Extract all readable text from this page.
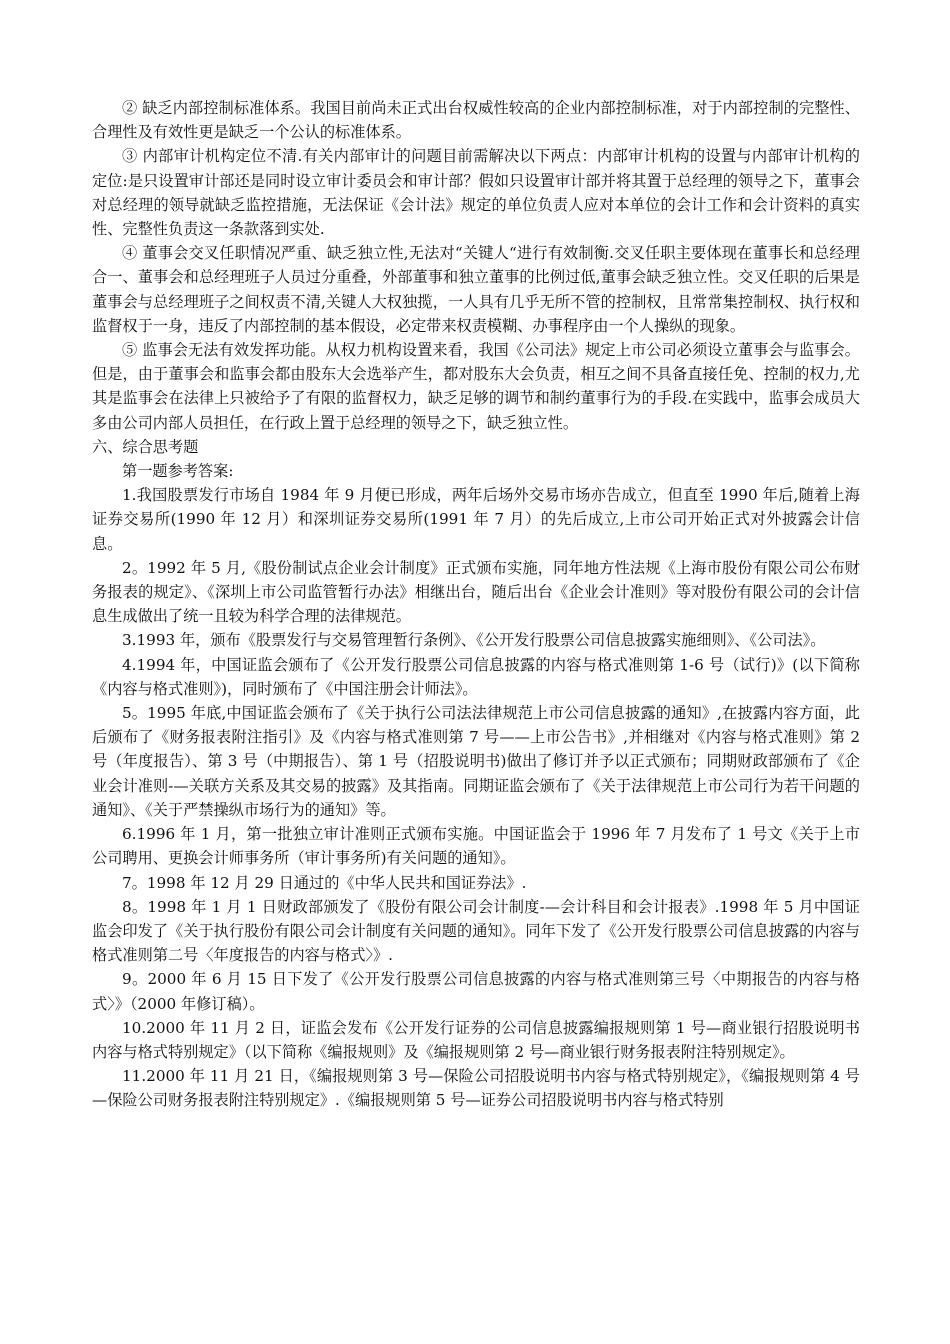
② 缺乏内部控制标准体系。我国目前尚未正式出台权威性较高的企业内部控制标准，对于内部控制的完整性、合理性及有效性更是缺乏一个公认的标准体系。

③ 内部审计机构定位不清.有关内部审计的问题目前需解决以下两点：内部审计机构的设置与内部审计机构的定位:是只设置审计部还是同时设立审计委员会和审计部？假如只设置审计部并将其置于总经理的领导之下，董事会对总经理的领导就缺乏监控措施，无法保证《会计法》规定的单位负责人应对本单位的会计工作和会计资料的真实性、完整性负责这一条款落到实处.

④ 董事会交叉任职情况严重、缺乏独立性,无法对“关键人“进行有效制衡.交叉任职主要体现在董事长和总经理合一、董事会和总经理班子人员过分重叠，外部董事和独立董事的比例过低,董事会缺乏独立性。交叉任职的后果是董事会与总经理班子之间权责不清,关键人大权独揽，一人具有几乎无所不管的控制权，且常常集控制权、执行权和监督权于一身，违反了内部控制的基本假设，必定带来权责模糊、办事程序由一个人操纵的现象。

⑤ 监事会无法有效发挥功能。从权力机构设置来看，我国《公司法》规定上市公司必须设立董事会与监事会。但是，由于董事会和监事会都由股东大会选举产生，都对股东大会负责，相互之间不具备直接任免、控制的权力,尤其是监事会在法律上只被给予了有限的监督权力，缺乏足够的调节和制约董事行为的手段.在实践中，监事会成员大多由公司内部人员担任，在行政上置于总经理的领导之下，缺乏独立性。

六、综合思考题

第一题参考答案:

1.我国股票发行市场自 1984 年 9 月便已形成，两年后场外交易市场亦告成立，但直至 1990 年后,随着上海证券交易所(1990 年 12 月）和深圳证券交易所(1991 年 7 月）的先后成立,上市公司开始正式对外披露会计信息。

2。1992 年 5 月,《股份制试点企业会计制度》正式颁布实施，同年地方性法规《上海市股份有限公司公布财务报表的规定》、《深圳上市公司监管暂行办法》相继出台，随后出台《企业会计准则》等对股份有限公司的会计信息生成做出了统一且较为科学合理的法律规范。

3.1993 年，颁布《股票发行与交易管理暂行条例》、《公开发行股票公司信息披露实施细则》、《公司法》。

4.1994 年，中国证监会颁布了《公开发行股票公司信息披露的内容与格式准则第 1-6 号（试行)》(以下简称《内容与格式准则》)，同时颁布了《中国注册会计师法》。

5。1995 年底,中国证监会颁布了《关于执行公司法法律规范上市公司信息披露的通知》,在披露内容方面，此后颁布了《财务报表附注指引》及《内容与格式准则第 7 号——上市公告书》,并相继对《内容与格式准则》第 2 号（年度报告）、第 3 号（中期报告）、第 1 号（招股说明书)做出了修订并予以正式颁布；同期财政部颁布了《企业会计准则-—关联方关系及其交易的披露》及其指南。同期证监会颁布了《关于法律规范上市公司行为若干问题的通知》、《关于严禁操纵市场行为的通知》等。

6.1996 年 1 月，第一批独立审计准则正式颁布实施。中国证监会于 1996 年 7 月发布了 1 号文《关于上市公司聘用、更换会计师事务所（审计事务所)有关问题的通知》。

7。1998 年 12 月 29 日通过的《中华人民共和国证券法》.

8。1998 年 1 月 1 日财政部颁发了《股份有限公司会计制度-—会计科目和会计报表》.1998 年 5 月中国证监会印发了《关于执行股份有限公司会计制度有关问题的通知》。同年下发了《公开发行股票公司信息披露的内容与格式准则第二号〈年度报告的内容与格式〉》.

9。2000 年 6 月 15 日下发了《公开发行股票公司信息披露的内容与格式准则第三号〈中期报告的内容与格式〉》（2000 年修订稿）。

10.2000 年 11 月 2 日，证监会发布《公开发行证券的公司信息披露编报规则第 1 号—商业银行招股说明书内容与格式特别规定》（以下简称《编报规则》及《编报规则第 2 号—商业银行财务报表附注特别规定》。

11.2000 年 11 月 21 日，《编报规则第 3 号—保险公司招股说明书内容与格式特别规定》，《编报规则第 4 号—保险公司财务报表附注特别规定》.《编报规则第 5 号—证券公司招股说明书内容与格式特别
